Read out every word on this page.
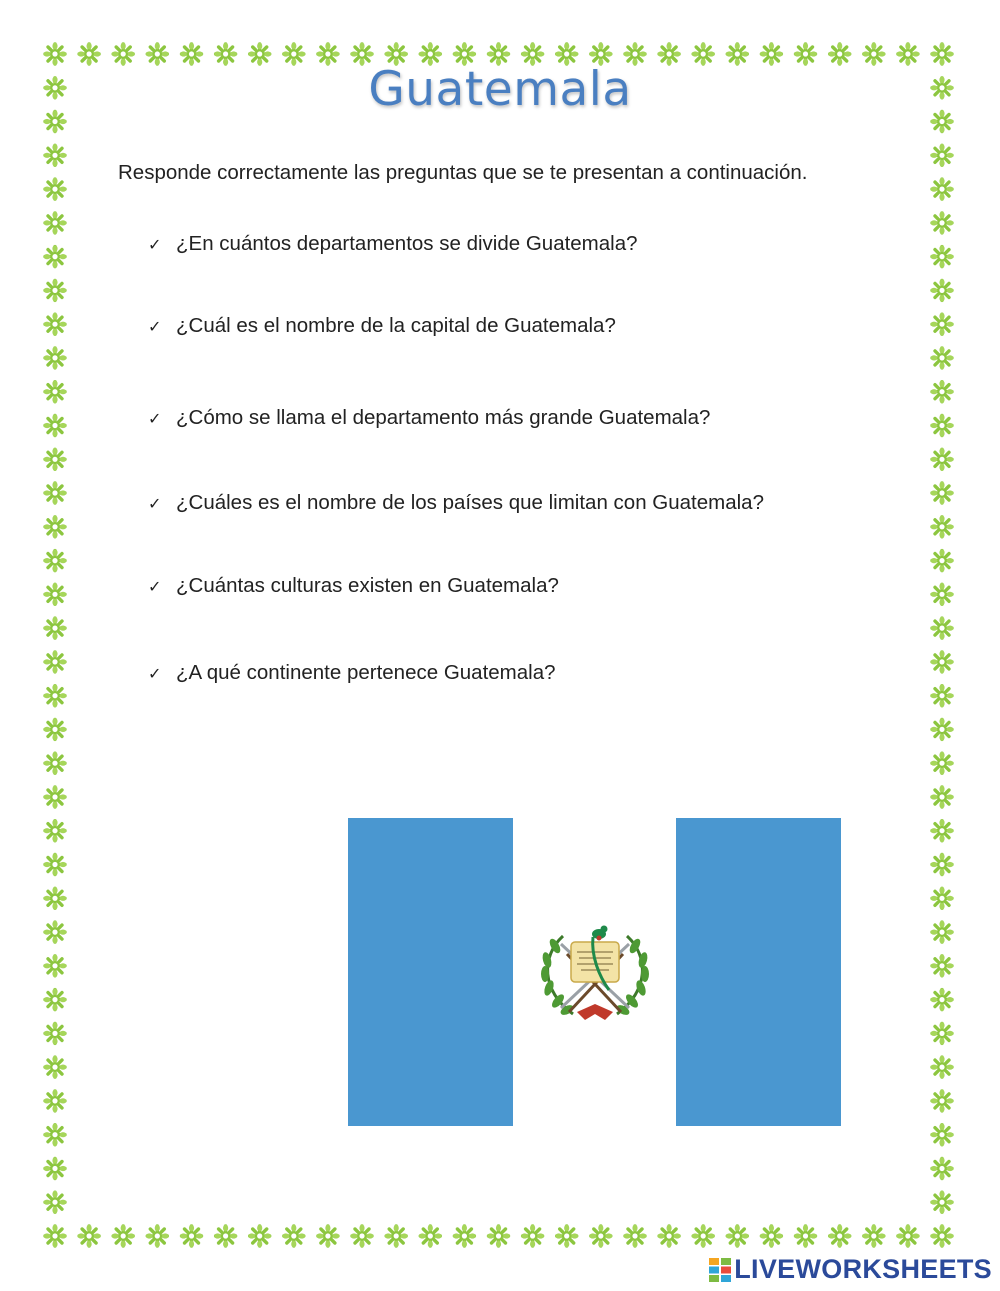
Guatemala
Responde correctamente las preguntas que se te presentan a continuación.
✓ ¿En cuántos departamentos se divide Guatemala?
✓ ¿Cuál es el nombre de la capital de Guatemala?
✓ ¿Cómo se llama el departamento más grande Guatemala?
✓ ¿Cuáles es el nombre de los países que limitan con Guatemala?
✓ ¿Cuántas culturas existen en Guatemala?
✓ ¿A qué continente pertenece Guatemala?
LIVEWORKSHEETS
